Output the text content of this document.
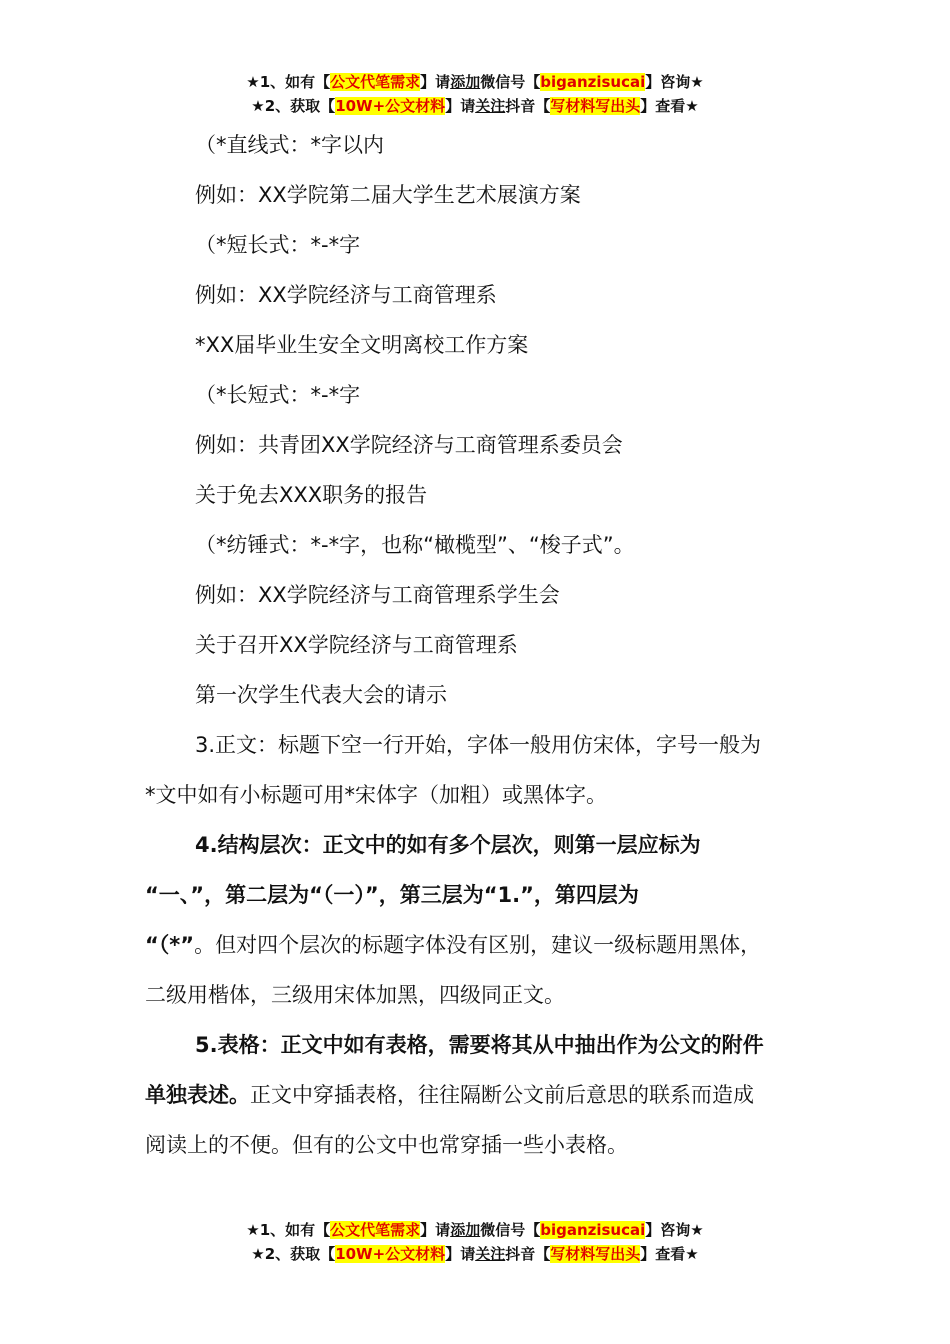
★1、如有【公文代笔需求】请添加微信号【biganzisucai】咨询★
★2、获取【10W+公文材料】请关注抖音【写材料写出头】查看★
（*直线式：*字以内
例如：XX学院第二届大学生艺术展演方案
（*短长式：*-*字
例如：XX学院经济与工商管理系
*XX届毕业生安全文明离校工作方案
（*长短式：*-*字
例如：共青团XX学院经济与工商管理系委员会
关于免去XXX职务的报告
（*纺锤式：*-*字，也称“橄榄型”、“梭子式”。
例如：XX学院经济与工商管理系学生会
关于召开XX学院经济与工商管理系
第一次学生代表大会的请示
3.正文：标题下空一行开始，字体一般用仿宋体，字号一般为
*文中如有小标题可用*宋体字（加粗）或黑体字。
4.结构层次：正文中的如有多个层次，则第一层应标为
“一、”，第二层为“（一）”，第三层为“1.”，第四层为
“（*”。但对四个层次的标题字体没有区别，建议一级标题用黑体，
二级用楷体，三级用宋体加黑，四级同正文。
5.表格：正文中如有表格，需要将其从中抽出作为公文的附件
单独表述。正文中穿插表格，往往隔断公文前后意思的联系而造成
阅读上的不便。但有的公文中也常穿插一些小表格。
★1、如有【公文代笔需求】请添加微信号【biganzisucai】咨询★
★2、获取【10W+公文材料】请关注抖音【写材料写出头】查看★
